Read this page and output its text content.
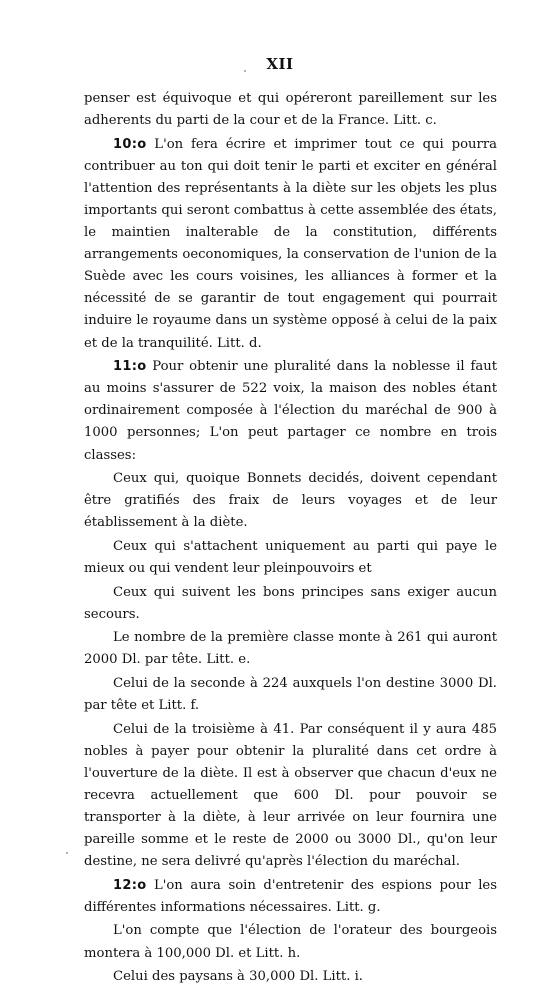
XII

penser est équivoque et qui opéreront pareillement sur les adherents du parti de la cour et de la France. Litt. c.

10:o L'on fera écrire et imprimer tout ce qui pourra contribuer au ton qui doit tenir le parti et exciter en général l'attention des représentants à la diète sur les objets les plus importants qui seront combattus à cette assemblée des états, le maintien inalterable de la constitution, différents arrangements oeconomiques, la conservation de l'union de la Suède avec les cours voisines, les alliances à former et la nécessité de se garantir de tout engagement qui pourrait induire le royaume dans un système opposé à celui de la paix et de la tranquilité. Litt. d.

11:o Pour obtenir une pluralité dans la noblesse il faut au moins s'assurer de 522 voix, la maison des nobles étant ordinairement composée à l'élection du maréchal de 900 à 1000 personnes; L'on peut partager ce nombre en trois classes:

Ceux qui, quoique Bonnets decidés, doivent cependant être gratifiés des fraix de leurs voyages et de leur établissement à la diète.

Ceux qui s'attachent uniquement au parti qui paye le mieux ou qui vendent leur pleinpouvoirs et

Ceux qui suivent les bons principes sans exiger aucun secours.

Le nombre de la première classe monte à 261 qui auront 2000 Dl. par tête. Litt. e.

Celui de la seconde à 224 auxquels l'on destine 3000 Dl. par tête et Litt. f.

Celui de la troisième à 41. Par conséquent il y aura 485 nobles à payer pour obtenir la pluralité dans cet ordre à l'ouverture de la diète. Il est à observer que chacun d'eux ne recevra actuellement que 600 Dl. pour pouvoir se transporter à la diète, à leur arrivée on leur fournira une pareille somme et le reste de 2000 ou 3000 Dl., qu'on leur destine, ne sera delivré qu'après l'élection du maréchal.

12:o L'on aura soin d'entretenir des espions pour les différentes informations nécessaires. Litt. g.

L'on compte que l'élection de l'orateur des bourgeois montera à 100,000 Dl. et Litt. h.

Celui des paysans à 30,000 Dl. Litt. i.
